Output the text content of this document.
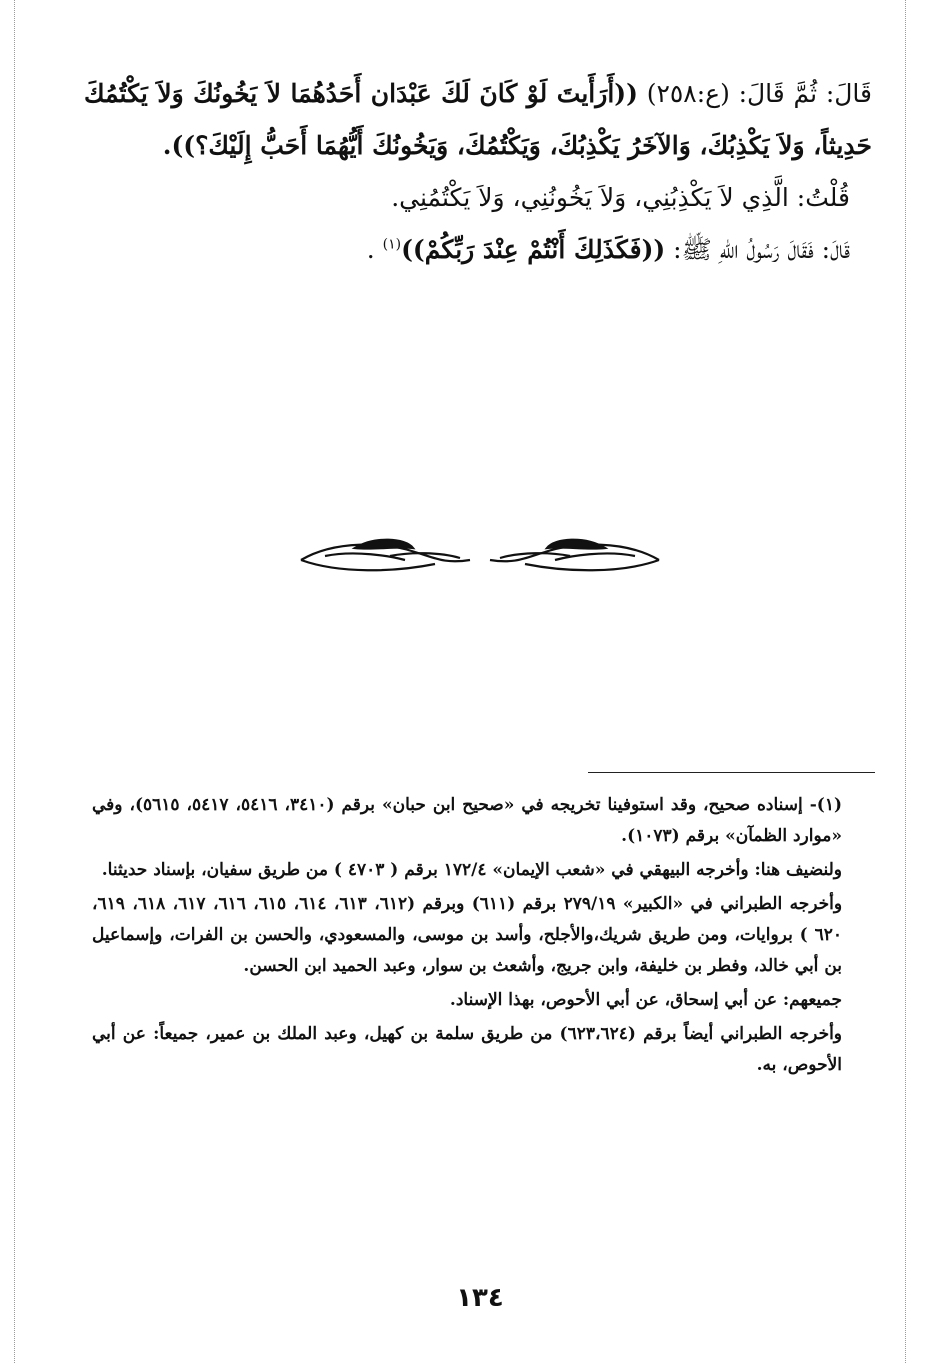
قَالَ: ثُمَّ قَالَ: (ع:٢٥٨) ((أَرَأَيتَ لَوْ كَانَ لَكَ عَبْدَان أَحَدُهُمَا لاَ يَخُونُكَ وَلاَ يَكْتُمُكَ حَدِيثاً، وَلاَ يَكْذِبُكَ، وَالآخَرُ يَكْذِبُكَ، وَيَكْتُمُكَ، وَيَخُونُكَ أَيُّهُمَا أَحَبُّ إِلَيْكَ؟)).

قُلْتُ: الَّذِي لاَ يَكْذِبُنِي، وَلاَ يَخُونُنِي، وَلاَ يَكْتُمُنِي.

قَالَ: فَقَالَ رَسُولُ اللهِ ﷺ: ((فَكَذَلِكَ أَنْتُمْ عِنْدَ رَبِّكُمْ))$^{(١)}$ .

(١)- إسناده صحيح، وقد استوفينا تخريجه في «صحيح ابن حبان» برقم (٣٤١٠، ٥٤١٦، ٥٤١٧، ٥٦١٥)، وفي «موارد الظمآن» برقم (١٠٧٣).

ولنضيف هنا: وأخرجه البيهقي في «شعب الإيمان» ١٧٢/٤ برقم ( ٤٧٠٣ ) من طريق سفيان، بإسناد حديثنا.

وأخرجه الطبراني في «الكبير» ٢٧٩/١٩ برقم (٦١١) وبرقم (٦١٢، ٦١٣، ٦١٤، ٦١٥، ٦١٦، ٦١٧، ٦١٨، ٦١٩، ٦٢٠ ) بروايات، ومن طريق شريك،والأجلح، وأسد بن موسى، والمسعودي، والحسن بن الفرات، وإسماعيل بن أبي خالد، وفطر بن خليفة، وابن جريج، وأشعث بن سوار، وعبد الحميد ابن الحسن.

جميعهم: عن أبي إسحاق، عن أبي الأحوص، بهذا الإسناد.

وأخرجه الطبراني أيضاً برقم (٦٢٣،٦٢٤) من طريق سلمة بن كهيل، وعبد الملك بن عمير، جميعاً: عن أبي الأحوص، به.

١٣٤
